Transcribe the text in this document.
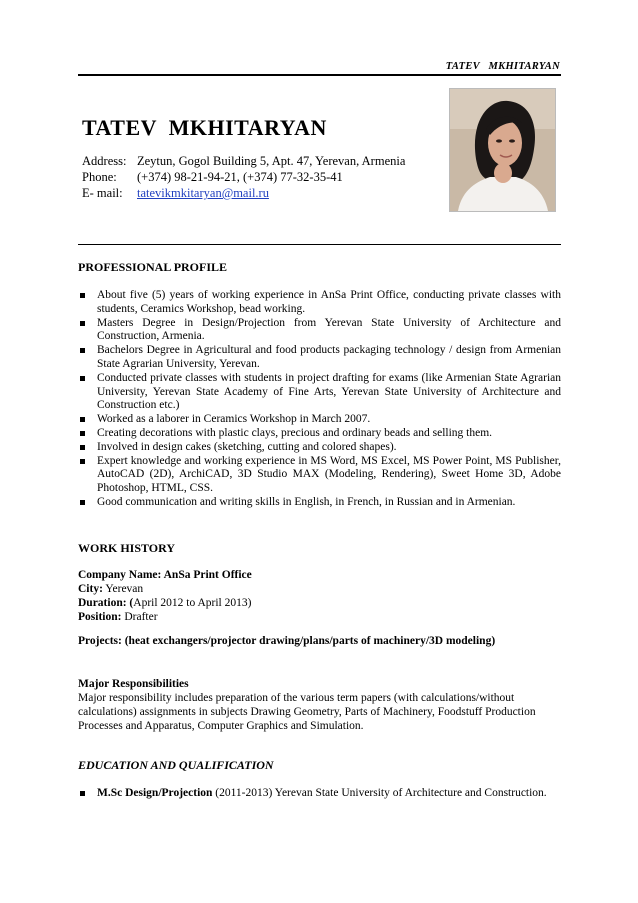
TATEV   MKHITARYAN
TATEV  MKHITARYAN
Address: Zeytun, Gogol Building 5, Apt. 47, Yerevan, Armenia
Phone:	(+374) 98-21-94-21, (+374) 77-32-35-41
E- mail:	tatevikmkitaryan@mail.ru
PROFESSIONAL PROFILE
About five (5) years of working experience in AnSa Print Office, conducting private classes with students, Ceramics Workshop, bead working.
Masters Degree in Design/Projection from Yerevan State University of Architecture and Construction, Armenia.
Bachelors Degree in Agricultural and food products packaging technology / design from Armenian State Agrarian University, Yerevan.
Conducted private classes with students in project drafting for exams (like Armenian State Agrarian University, Yerevan State Academy of Fine Arts, Yerevan State University of Architecture and Construction etc.)
Worked as a laborer in Ceramics Workshop in March 2007.
Creating decorations with plastic clays, precious and ordinary beads and selling them.
Involved in design cakes (sketching, cutting and colored shapes).
Expert knowledge and working experience in MS Word, MS Excel, MS Power Point, MS Publisher, AutoCAD (2D), ArchiCAD, 3D Studio MAX (Modeling, Rendering), Sweet Home 3D, Adobe Photoshop, HTML, CSS.
Good communication and writing skills in English, in French, in Russian and in Armenian.
WORK HISTORY
Company Name: AnSa Print Office
City: Yerevan
Duration: (April 2012 to April 2013)
Position: Drafter
Projects: (heat exchangers/projector drawing/plans/parts of machinery/3D modeling)
Major Responsibilities
Major responsibility includes preparation of the various term papers (with calculations/without calculations) assignments in subjects Drawing Geometry, Parts of Machinery, Foodstuff Production Processes and Apparatus, Computer Graphics and Simulation.
EDUCATION AND QUALIFICATION
M.Sc Design/Projection (2011-2013) Yerevan State University of Architecture and Construction.
